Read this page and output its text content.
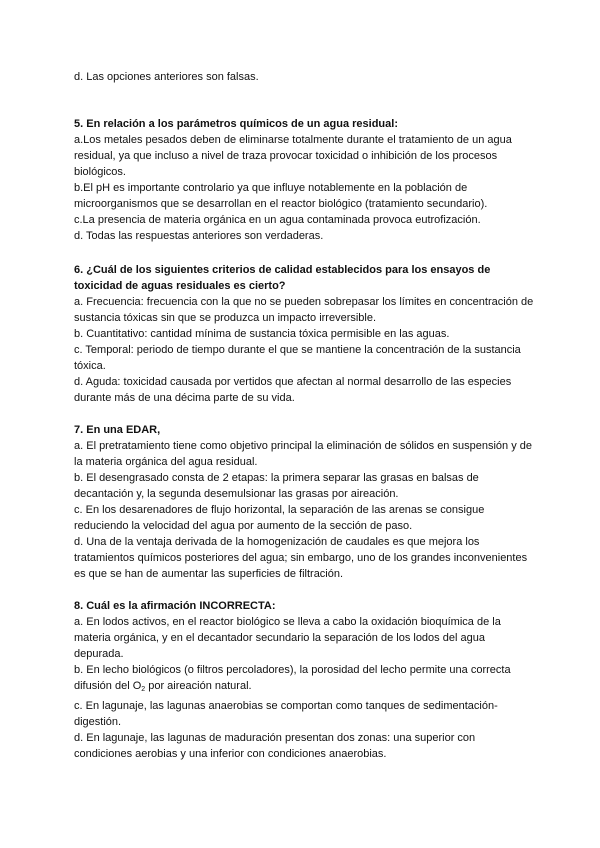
d. Las opciones anteriores son falsas.

5. En relación a los parámetros químicos de un agua residual:

a.Los metales pesados deben de eliminarse totalmente durante el tratamiento de un agua residual, ya que incluso a nivel de traza provocar toxicidad o inhibición de los procesos biológicos.

b.El pH es importante controlario ya que influye notablemente en la población de microorganismos que se desarrollan en el reactor biológico (tratamiento secundario).

c.La presencia de materia orgánica en un agua contaminada provoca eutrofización.

d. Todas las respuestas anteriores son verdaderas.

6. ¿Cuál de los siguientes criterios de calidad establecidos para los ensayos de toxicidad de aguas residuales es cierto?

a. Frecuencia: frecuencia con la que no se pueden sobrepasar los límites en concentración de sustancia tóxicas sin que se produzca un impacto irreversible.

b. Cuantitativo: cantidad mínima de sustancia tóxica permisible en las aguas.

c. Temporal: periodo de tiempo durante el que se mantiene la concentración de la sustancia tóxica.

d. Aguda: toxicidad causada por vertidos que afectan al normal desarrollo de las especies durante más de una décima parte de su vida.

7. En una EDAR,

a. El pretratamiento tiene como objetivo principal la eliminación de sólidos en suspensión y de la materia orgánica del agua residual.

b. El desengrasado consta de 2 etapas: la primera separar las grasas en balsas de decantación y, la segunda desemulsionar las grasas por aireación.

c. En los desarenadores de flujo horizontal, la separación de las arenas se consigue reduciendo la velocidad del agua por aumento de la sección de paso.

d. Una de la ventaja derivada de la homogenización de caudales es que mejora los tratamientos químicos posteriores del agua; sin embargo, uno de los grandes inconvenientes es que se han de aumentar las superficies de filtración.

8. Cuál es la afirmación INCORRECTA:

a. En lodos activos, en el reactor biológico se lleva a cabo la oxidación bioquímica de la materia orgánica, y en el decantador secundario la separación de los lodos del agua depurada.

b. En lecho biológicos (o filtros percoladores), la porosidad del lecho permite una correcta difusión del $O_2$ por aireación natural.

c. En lagunaje, las lagunas anaerobias se comportan como tanques de sedimentación-digestión.

d. En lagunaje, las lagunas de maduración presentan dos zonas: una superior con condiciones aerobias y una inferior con condiciones anaerobias.
